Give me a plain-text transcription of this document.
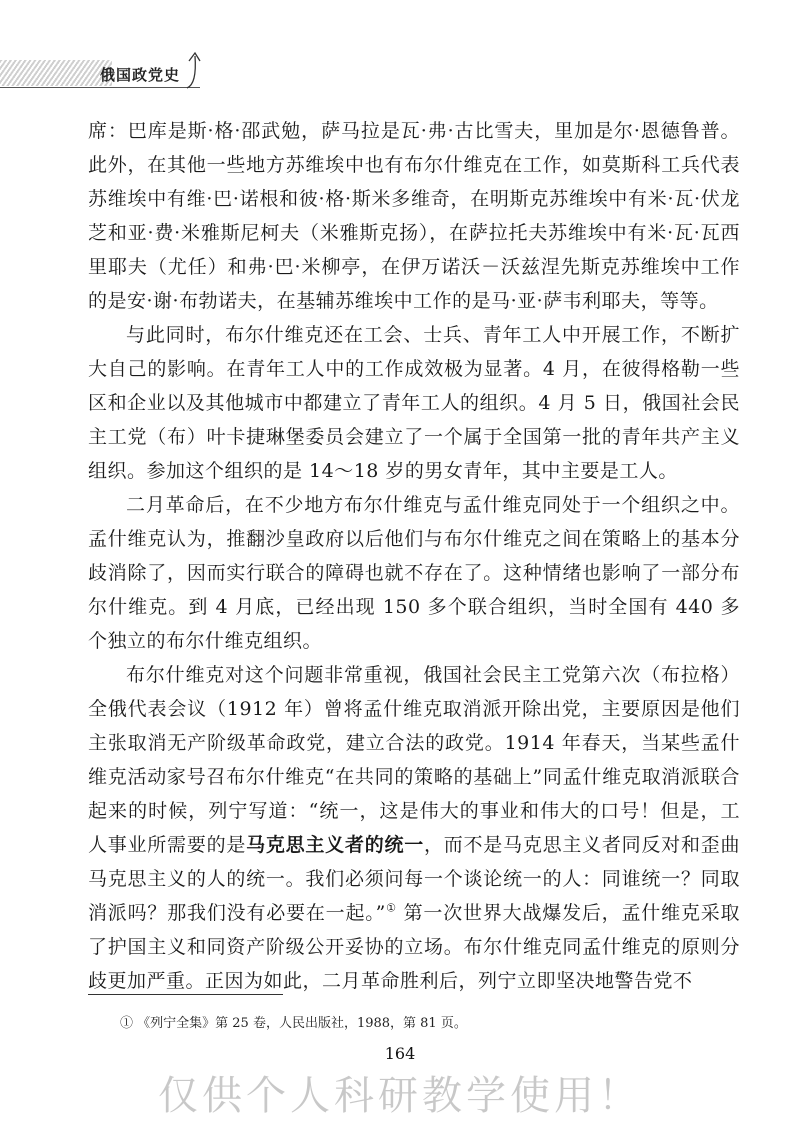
俄国政党史

席：巴库是斯·格·邵武勉，萨马拉是瓦·弗·古比雪夫，里加是尔·恩德鲁普。此外，在其他一些地方苏维埃中也有布尔什维克在工作，如莫斯科工兵代表苏维埃中有维·巴·诺根和彼·格·斯米多维奇，在明斯克苏维埃中有米·瓦·伏龙芝和亚·费·米雅斯尼柯夫（米雅斯克扬），在萨拉托夫苏维埃中有米·瓦·瓦西里耶夫（尤任）和弗·巴·米柳亭，在伊万诺沃－沃兹涅先斯克苏维埃中工作的是安·谢·布勃诺夫，在基辅苏维埃中工作的是马·亚·萨韦利耶夫，等等。

与此同时，布尔什维克还在工会、士兵、青年工人中开展工作，不断扩大自己的影响。在青年工人中的工作成效极为显著。4 月，在彼得格勒一些区和企业以及其他城市中都建立了青年工人的组织。4 月 5 日，俄国社会民主工党（布）叶卡捷琳堡委员会建立了一个属于全国第一批的青年共产主义组织。参加这个组织的是 14～18 岁的男女青年，其中主要是工人。

二月革命后，在不少地方布尔什维克与孟什维克同处于一个组织之中。孟什维克认为，推翻沙皇政府以后他们与布尔什维克之间在策略上的基本分歧消除了，因而实行联合的障碍也就不存在了。这种情绪也影响了一部分布尔什维克。到 4 月底，已经出现 150 多个联合组织，当时全国有 440 多个独立的布尔什维克组织。

布尔什维克对这个问题非常重视，俄国社会民主工党第六次（布拉格）全俄代表会议（1912 年）曾将孟什维克取消派开除出党，主要原因是他们主张取消无产阶级革命政党，建立合法的政党。1914 年春天，当某些孟什维克活动家号召布尔什维克“在共同的策略的基础上”同孟什维克取消派联合起来的时候，列宁写道：“统一，这是伟大的事业和伟大的口号！但是，工人事业所需要的是马克思主义者的统一，而不是马克思主义者同反对和歪曲马克思主义的人的统一。我们必须问每一个谈论统一的人：同谁统一？同取消派吗？那我们没有必要在一起。”① 第一次世界大战爆发后，孟什维克采取了护国主义和同资产阶级公开妥协的立场。布尔什维克同孟什维克的原则分歧更加严重。正因为如此，二月革命胜利后，列宁立即坚决地警告党不

① 《列宁全集》第 25 卷，人民出版社，1988，第 81 页。
164
仅供个人科研教学使用！
